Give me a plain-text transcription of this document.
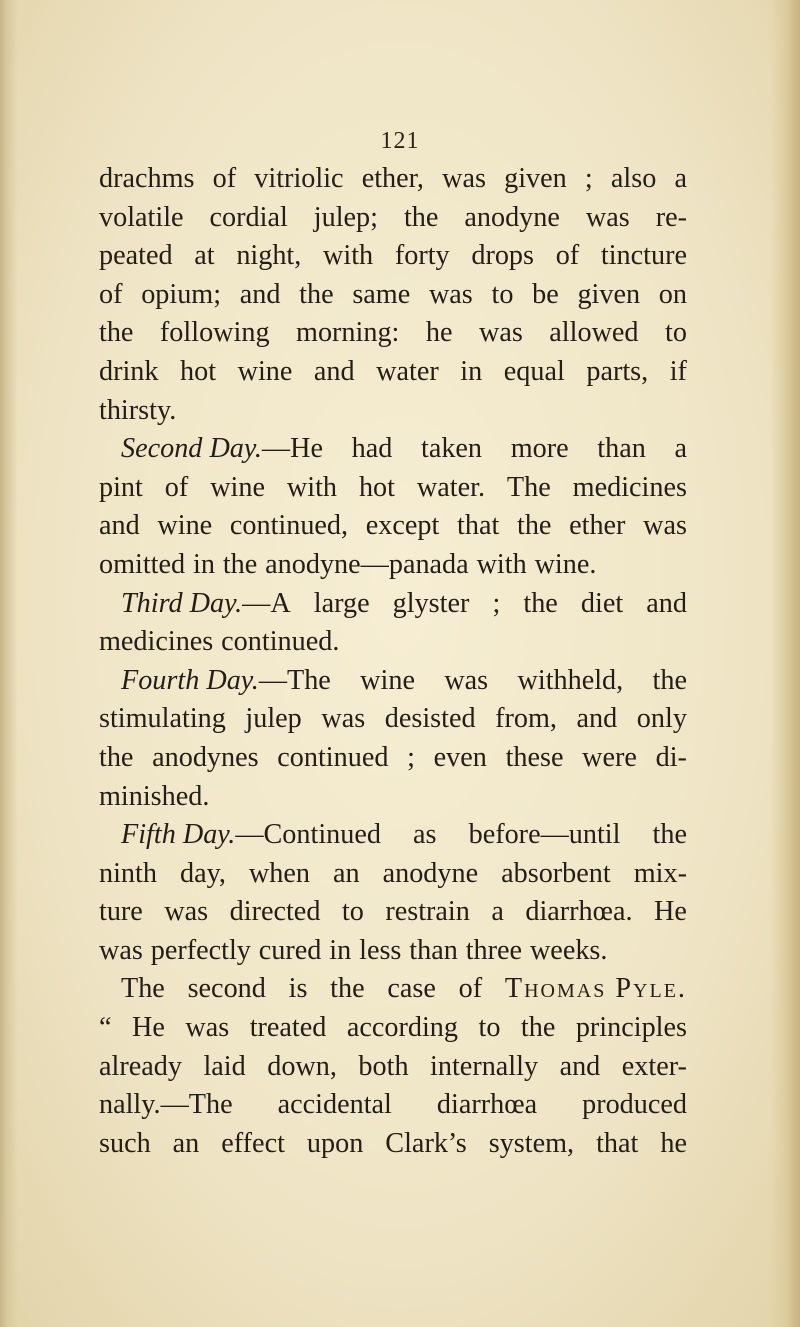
121
drachms of vitriolic ether, was given ; also a
volatile cordial julep; the anodyne was re-
peated at night, with forty drops of tincture
of opium; and the same was to be given on
the following morning: he was allowed to
drink hot wine and water in equal parts, if
thirsty.
Second Day.—He had taken more than a
pint of wine with hot water. The medicines
and wine continued, except that the ether was
omitted in the anodyne—panada with wine.
Third Day.—A large glyster ; the diet and
medicines continued.
Fourth Day.—The wine was withheld, the
stimulating julep was desisted from, and only
the anodynes continued ; even these were di-
minished.
Fifth Day.—Continued as before—until the
ninth day, when an anodyne absorbent mix-
ture was directed to restrain a diarrhœa. He
was perfectly cured in less than three weeks.
The second is the case of Thomas Pyle.
“ He was treated according to the principles
already laid down, both internally and exter-
nally.—The accidental diarrhœa produced
such an effect upon Clark’s system, that he
